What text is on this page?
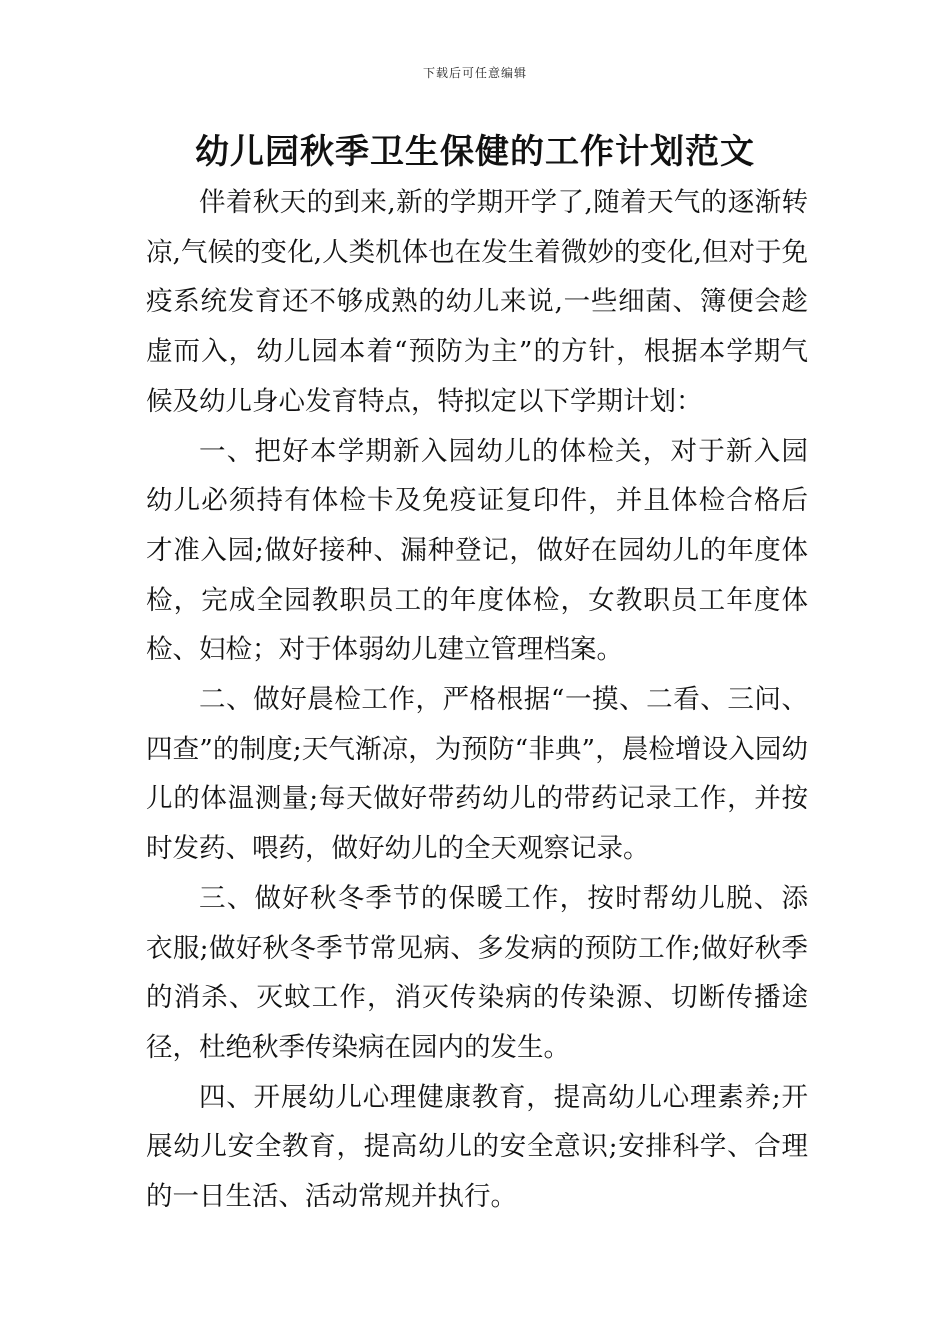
下载后可任意编辑
幼儿园秋季卫生保健的工作计划范文

伴着秋天的到来,新的学期开学了,随着天气的逐渐转凉,气候的变化,人类机体也在发生着微妙的变化,但对于免疫系统发育还不够成熟的幼儿来说,一些细菌、簿便会趁虚而入，幼儿园本着“预防为主”的方针，根据本学期气候及幼儿身心发育特点，特拟定以下学期计划：

一、把好本学期新入园幼儿的体检关，对于新入园幼儿必须持有体检卡及免疫证复印件，并且体检合格后才准入园;做好接种、漏种登记，做好在园幼儿的年度体检，完成全园教职员工的年度体检，女教职员工年度体检、妇检；对于体弱幼儿建立管理档案。

二、做好晨检工作，严格根据“一摸、二看、三问、四查”的制度;天气渐凉，为预防“非典”，晨检增设入园幼儿的体温测量;每天做好带药幼儿的带药记录工作，并按时发药、喂药，做好幼儿的全天观察记录。

三、做好秋冬季节的保暖工作，按时帮幼儿脱、添衣服;做好秋冬季节常见病、多发病的预防工作;做好秋季的消杀、灭蚊工作，消灭传染病的传染源、切断传播途径，杜绝秋季传染病在园内的发生。

四、开展幼儿心理健康教育，提高幼儿心理素养;开展幼儿安全教育，提高幼儿的安全意识;安排科学、合理的一日生活、活动常规并执行。
